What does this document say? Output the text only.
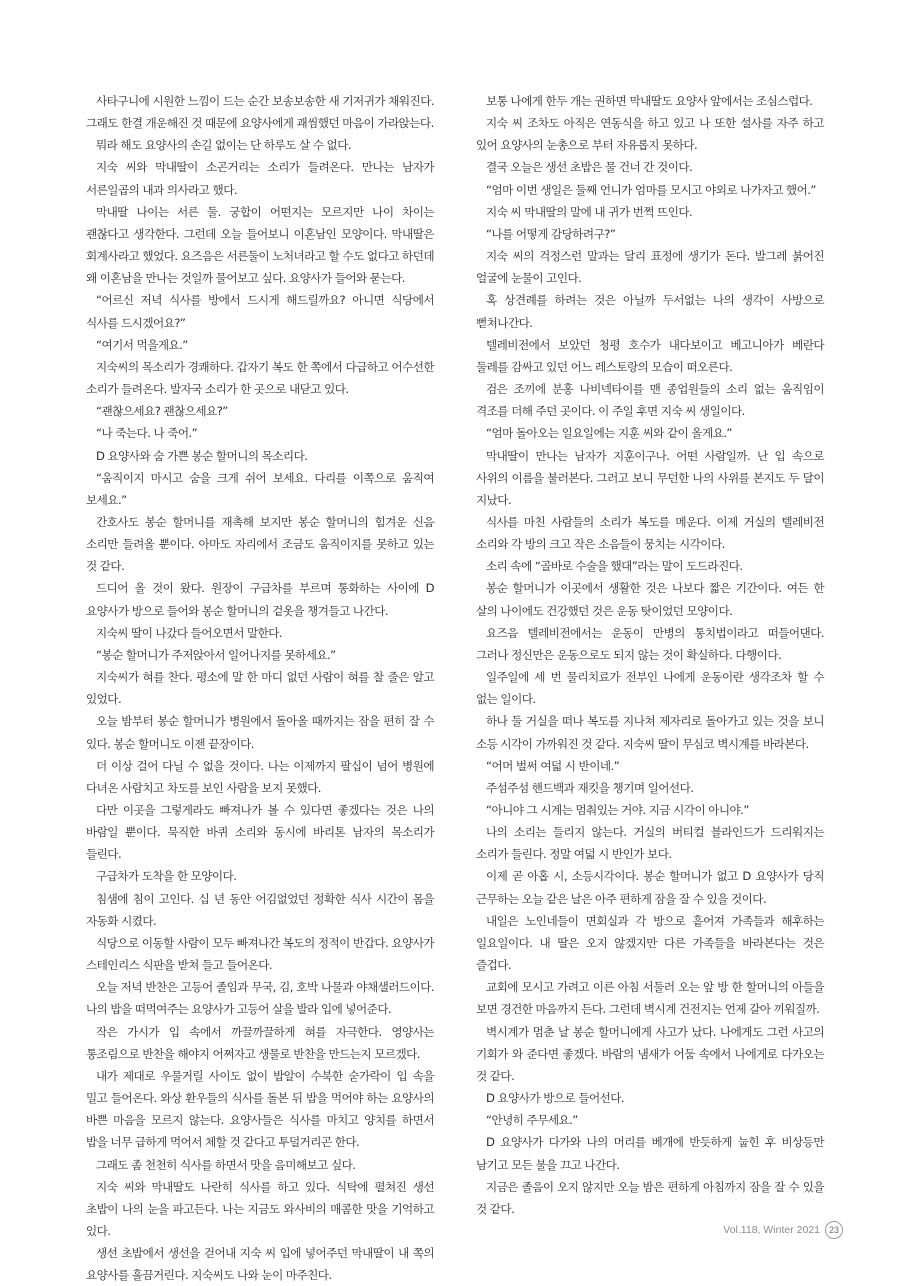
사타구니에 시원한 느낌이 드는 순간 보송보송한 새 기저귀가 채워진다. 그래도 한결 개운해진 것 때문에 요양사에게 괘씸했던 마음이 가라앉는다.

뭐라 해도 요양사의 손길 없이는 단 하루도 살 수 없다.

지숙 씨와 막내딸이 소곤거리는 소리가 들려온다. 만나는 남자가 서른일곱의 내과 의사라고 했다.

막내딸 나이는 서른 둘. 궁합이 어떤지는 모르지만 나이 차이는 괜찮다고 생각한다. 그런데 오늘 들어보니 이혼남인 모양이다. 막내딸은 회계사라고 했었다. 요즈음은 서른둘이 노처녀라고 할 수도 없다고 하던데 왜 이혼남을 만나는 것일까 물어보고 싶다. 요양사가 들어와 묻는다.

“어르신 저녁 식사를 방에서 드시게 해드릴까요? 아니면 식당에서 식사를 드시겠어요?”

“여기서 먹을게요.”

지숙씨의 목소리가 경쾌하다. 갑자기 복도 한 쪽에서 다급하고 어수선한 소리가 들려온다. 발자국 소리가 한 곳으로 내닫고 있다.

“괜찮으세요? 괜찮으세요?”

“나 죽는다. 나 죽어.”

D 요양사와 숨 가쁜 봉순 할머니의 목소리다.

“움직이지 마시고 숨을 크게 쉬어 보세요. 다리를 이쪽으로 움직여 보세요.”

간호사도 봉순 할머니를 재촉해 보지만 봉순 할머니의 힘겨운 신음 소리만 들려올 뿐이다. 아마도 자리에서 조금도 움직이지를 못하고 있는 것 같다.

드디어 올 것이 왔다. 원장이 구급차를 부르며 통화하는 사이에 D 요양사가 방으로 들어와 봉순 할머니의 겉옷을 챙겨들고 나간다.

지숙씨 딸이 나갔다 들어오면서 말한다.

“봉순 할머니가 주저앉아서 일어나지를 못하세요.”

지숙씨가 혀를 찬다. 평소에 말 한 마디 없던 사람이 혀를 찰 줄은 알고 있었다.

오늘 밤부터 봉순 할머니가 병원에서 돌아올 때까지는 잠을 편히 잘 수 있다. 봉순 할머니도 이젠 끝장이다.

더 이상 걸어 다닐 수 없을 것이다. 나는 이제까지 팔십이 넘어 병원에 다녀온 사람치고 차도를 보인 사람을 보지 못했다.

다만 이곳을 그렇게라도 빠져나가 볼 수 있다면 좋겠다는 것은 나의 바람일 뿐이다. 묵직한 바퀴 소리와 동시에 바리톤 남자의 목소리가 들린다.

구급차가 도착을 한 모양이다.

침샘에 침이 고인다. 십 년 동안 어김없었던 정확한 식사 시간이 몸을 자동화 시켰다.

식당으로 이동할 사람이 모두 빠져나간 복도의 정적이 반갑다. 요양사가 스테인리스 식판을 받쳐 들고 들어온다.

오늘 저녁 반찬은 고등어 졸임과 무국, 김, 호박 나물과 야채샐러드이다. 나의 밥을 떠먹여주는 요양사가 고등어 살을 발라 입에 넣어준다.

작은 가시가 입 속에서 까끌까끌하게 혀를 자극한다. 영양사는 통조림으로 반찬을 해야지 어쩌자고 생물로 반찬을 만드는지 모르겠다.

내가 제대로 우물거릴 사이도 없이 밥알이 수북한 숟가락이 입 속을 밀고 들어온다. 와상 환우들의 식사를 돌본 뒤 밥을 먹어야 하는 요양사의 바쁜 마음을 모르지 않는다. 요양사들은 식사를 마치고 양치를 하면서 밥을 너무 급하게 먹어서 체할 것 같다고 투덜거리곤 한다.

그래도 좀 천천히 식사를 하면서 맛을 음미해보고 싶다.

지숙 씨와 막내딸도 나란히 식사를 하고 있다. 식탁에 펼쳐진 생선 초밥이 나의 눈을 파고든다. 나는 지금도 와사비의 매콤한 맛을 기억하고 있다.

생선 초밥에서 생선을 걷어내 지숙 씨 입에 넣어주던 막내딸이 내 쪽의 요양사를 흘끔거린다. 지숙씨도 나와 눈이 마주친다.

보통 나에게 한두 개는 권하면 막내딸도 요양사 앞에서는 조심스럽다.

지숙 씨 조차도 아직은 연동식을 하고 있고 나 또한 설사를 자주 하고 있어 요양사의 눈총으로 부터 자유롭지 못하다.

결국 오늘은 생선 초밥은 물 건너 간 것이다.

“엄마 이번 생일은 둘째 언니가 엄마를 모시고 야외로 나가자고 했어.”

지숙 씨 막내딸의 말에 내 귀가 번쩍 뜨인다.

“나를 어떻게 감당하려구?”

지숙 씨의 걱정스런 말과는 달리 표정에 생기가 돈다. 발그레 붉어진 얼굴에 눈물이 고인다.

혹 상견례를 하려는 것은 아닐까 두서없는 나의 생각이 사방으로 뻗쳐나간다.

텔레비전에서 보았던 청평 호수가 내다보이고 베고니아가 베란다 둘레를 감싸고 있던 어느 레스토랑의 모습이 떠오른다.

검은 조끼에 분홍 나비넥타이를 맨 종업원들의 소리 없는 움직임이 격조를 더해 주던 곳이다. 이 주일 후면 지숙 씨 생일이다.

“엄마 돌아오는 일요일에는 지훈 씨와 같이 올게요.”

막내딸이 만나는 남자가 지훈이구나. 어떤 사람일까. 난 입 속으로 사위의 이름을 불러본다. 그러고 보니 무던한 나의 사위를 본지도 두 달이 지났다.

식사를 마친 사람들의 소리가 복도를 메운다. 이제 거실의 텔레비전 소리와 각 방의 크고 작은 소음들이 뭉치는 시각이다.

소리 속에 “골바로 수술을 했대”라는 말이 도드라진다.

봉순 할머니가 이곳에서 생활한 것은 나보다 짧은 기간이다. 여든 한 살의 나이에도 건강했던 것은 운동 탓이었던 모양이다.

요즈음 텔레비전에서는 운동이 만병의 통치법이라고 떠들어댄다. 그러나 정신만은 운동으로도 되지 않는 것이 확실하다. 다행이다.

일주일에 세 번 물리치료가 전부인 나에게 운동이란 생각조차 할 수 없는 일이다.

하나 둘 거실을 떠나 복도를 지나쳐 제자리로 돌아가고 있는 것을 보니 소등 시각이 가까워진 것 같다. 지숙씨 딸이 무심코 벽시계를 바라본다.

“어머 벌써 여덟 시 반이네.”

주섬주섬 핸드백과 재킷을 챙기며 일어선다.

“아니야 그 시계는 멈춰있는 거야. 지금 시각이 아니야.”

나의 소리는 들리지 않는다. 거실의 버티컬 블라인드가 드리워지는 소리가 들린다. 정말 여덟 시 반인가 보다.

이제 곧 아홉 시, 소등시각이다. 봉순 할머니가 없고 D 요양사가 당직 근무하는 오늘 같은 날은 아주 편하게 잠을 잘 수 있을 것이다.

내일은 노인네들이 면회실과 각 방으로 흩어져 가족들과 해후하는 일요일이다. 내 딸은 오지 않겠지만 다른 가족들을 바라본다는 것은 즐겁다.

교회에 모시고 가려고 이른 아침 서둘러 오는 앞 방 한 할머니의 아들을 보면 경건한 마음까지 든다. 그런데 벽시계 건전지는 언제 갈아 끼워질까.

벽시계가 멈춘 날 봉순 할머니에게 사고가 났다. 나에게도 그런 사고의 기회가 와 준다면 좋겠다. 바람의 냄새가 어둠 속에서 나에게로 다가오는 것 같다.

D 요양사가 방으로 들어선다.

“안녕히 주무세요.”

D 요양사가 다가와 나의 머리를 베개에 반듯하게 눕힌 후 비상등만 남기고 모든 불을 끄고 나간다.

지금은 졸음이 오지 않지만 오늘 밤은 편하게 아침까지 잠을 잘 수 있을 것 같다.

Vol.118, Winter 2021 23
